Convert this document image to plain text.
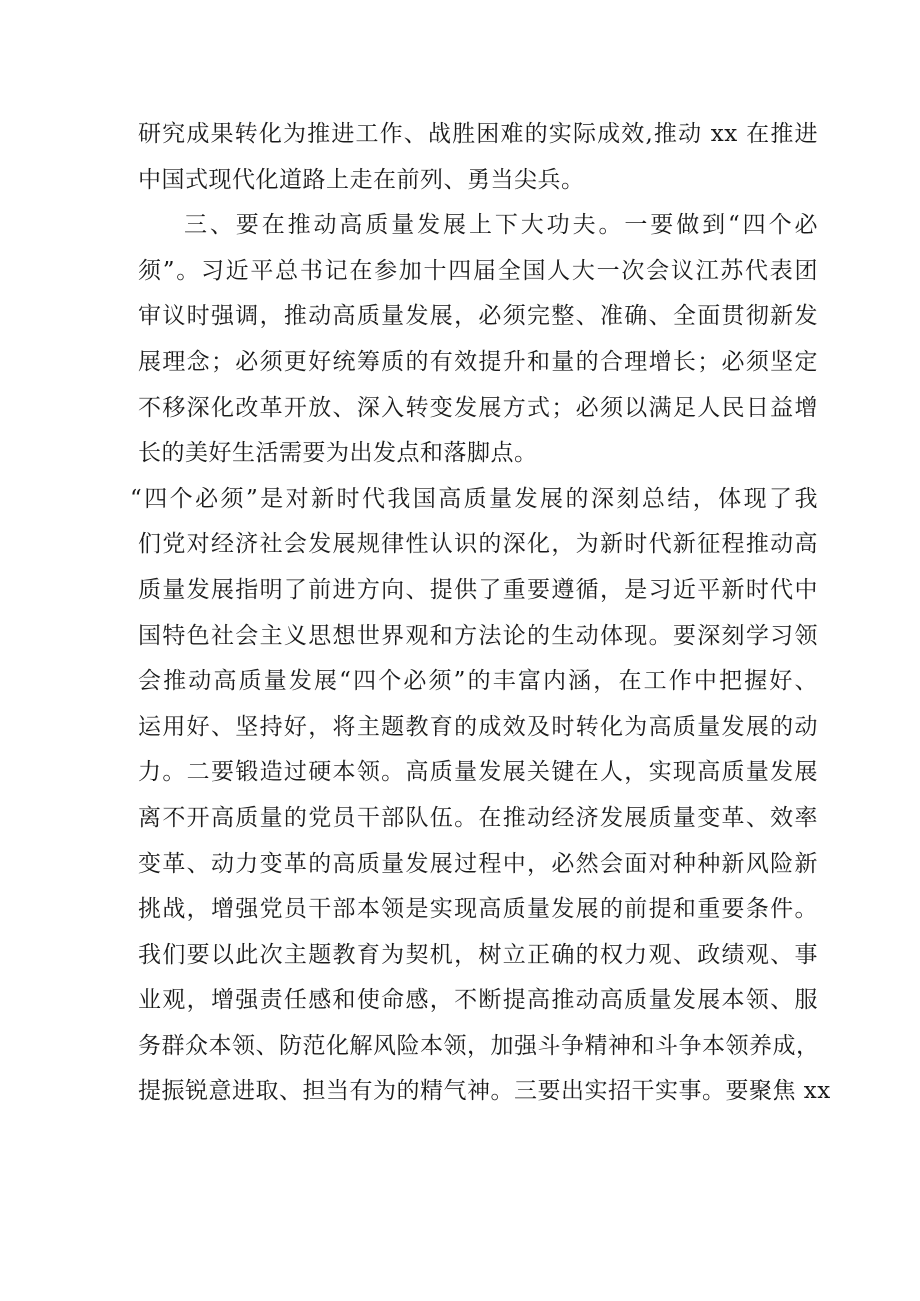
研究成果转化为推进工作、战胜困难的实际成效,推动 xx 在推进
中国式现代化道路上走在前列、勇当尖兵。
三、要在推动高质量发展上下大功夫。一要做到“四个必
须”。习近平总书记在参加十四届全国人大一次会议江苏代表团
审议时强调，推动高质量发展，必须完整、准确、全面贯彻新发
展理念；必须更好统筹质的有效提升和量的合理增长；必须坚定
不移深化改革开放、深入转变发展方式；必须以满足人民日益增
长的美好生活需要为出发点和落脚点。
“四个必须”是对新时代我国高质量发展的深刻总结，体现了我
们党对经济社会发展规律性认识的深化，为新时代新征程推动高
质量发展指明了前进方向、提供了重要遵循，是习近平新时代中
国特色社会主义思想世界观和方法论的生动体现。要深刻学习领
会推动高质量发展“四个必须”的丰富内涵，在工作中把握好、
运用好、坚持好，将主题教育的成效及时转化为高质量发展的动
力。二要锻造过硬本领。高质量发展关键在人，实现高质量发展
离不开高质量的党员干部队伍。在推动经济发展质量变革、效率
变革、动力变革的高质量发展过程中，必然会面对种种新风险新
挑战，增强党员干部本领是实现高质量发展的前提和重要条件。
我们要以此次主题教育为契机，树立正确的权力观、政绩观、事
业观，增强责任感和使命感，不断提高推动高质量发展本领、服
务群众本领、防范化解风险本领，加强斗争精神和斗争本领养成，
提振锐意进取、担当有为的精气神。三要出实招干实事。要聚焦 xx
